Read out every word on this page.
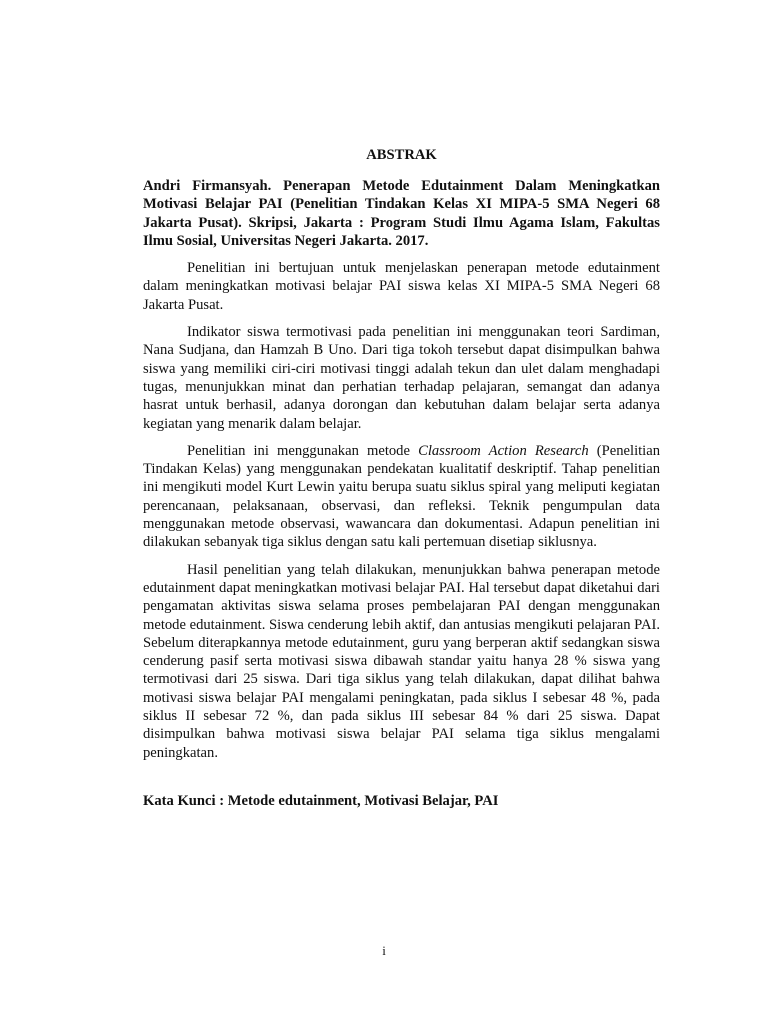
ABSTRAK

Andri Firmansyah. Penerapan Metode Edutainment Dalam Meningkatkan Motivasi Belajar PAI (Penelitian Tindakan Kelas XI MIPA-5 SMA Negeri 68 Jakarta Pusat). Skripsi, Jakarta : Program Studi Ilmu Agama Islam, Fakultas Ilmu Sosial, Universitas Negeri Jakarta. 2017.

Penelitian ini bertujuan untuk menjelaskan penerapan metode edutainment dalam meningkatkan motivasi belajar PAI siswa kelas XI MIPA-5 SMA Negeri 68 Jakarta Pusat.

Indikator siswa termotivasi pada penelitian ini menggunakan teori Sardiman, Nana Sudjana, dan Hamzah B Uno. Dari tiga tokoh tersebut dapat disimpulkan bahwa siswa yang memiliki ciri-ciri motivasi tinggi adalah tekun dan ulet dalam menghadapi tugas, menunjukkan minat dan perhatian terhadap pelajaran, semangat dan adanya hasrat untuk berhasil, adanya dorongan dan kebutuhan dalam belajar serta adanya kegiatan yang menarik dalam belajar.

Penelitian ini menggunakan metode Classroom Action Research (Penelitian Tindakan Kelas) yang menggunakan pendekatan kualitatif deskriptif. Tahap penelitian ini mengikuti model Kurt Lewin yaitu berupa suatu siklus spiral yang meliputi kegiatan perencanaan, pelaksanaan, observasi, dan refleksi. Teknik pengumpulan data menggunakan metode observasi, wawancara dan dokumentasi. Adapun penelitian ini dilakukan sebanyak tiga siklus dengan satu kali pertemuan disetiap siklusnya.

Hasil penelitian yang telah dilakukan, menunjukkan bahwa penerapan metode edutainment dapat meningkatkan motivasi belajar PAI. Hal tersebut dapat diketahui dari pengamatan aktivitas siswa selama proses pembelajaran PAI dengan menggunakan metode edutainment. Siswa cenderung lebih aktif, dan antusias mengikuti pelajaran PAI. Sebelum diterapkannya metode edutainment, guru yang berperan aktif sedangkan siswa cenderung pasif serta motivasi siswa dibawah standar yaitu hanya 28 % siswa yang termotivasi dari 25 siswa. Dari tiga siklus yang telah dilakukan, dapat dilihat bahwa motivasi siswa belajar PAI mengalami peningkatan, pada siklus I sebesar 48 %, pada siklus II sebesar 72 %, dan pada siklus III sebesar 84 % dari 25 siswa. Dapat disimpulkan bahwa motivasi siswa belajar PAI selama tiga siklus mengalami peningkatan.

Kata Kunci : Metode edutainment, Motivasi Belajar, PAI

i
